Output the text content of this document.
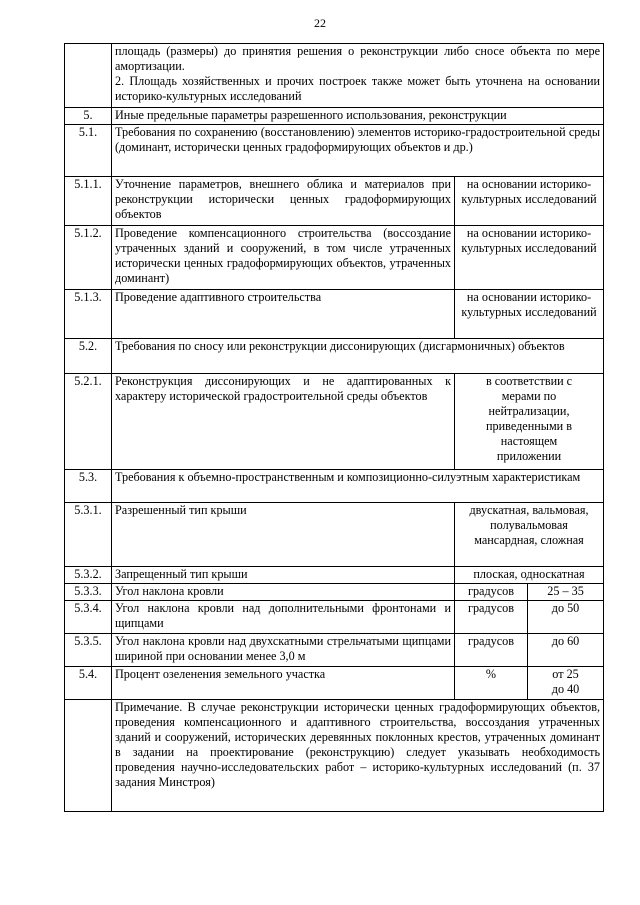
22

	площадь (размеры) до принятия решения о реконструкции либо сносе объекта по мере амортизации.
2. Площадь хозяйственных и прочих построек также может быть уточнена на основании историко-культурных исследований		

5.	Иные предельные параметры разрешенного использования, реконструкции		
5.1.	Требования по сохранению (восстановлению) элементов историко-градостроительной среды (доминант, исторически ценных градоформирующих объектов и др.)		
5.1.1.	Уточнение параметров, внешнего облика и материалов при реконструкции исторически ценных градоформирующих объектов	на основании историко-культурных исследований	
5.1.2.	Проведение компенсационного строительства (воссоздание утраченных зданий и сооружений, в том числе утраченных исторически ценных градоформирующих объектов, утраченных доминант)	на основании историко-культурных исследований	
5.1.3.	Проведение адаптивного строительства	на основании историко-культурных исследований	
5.2.	Требования по сносу или реконструкции диссонирующих (дисгармоничных) объектов		
5.2.1.	Реконструкция диссонирующих и не адаптированных к характеру исторической градостроительной среды объектов	в соответствии с мерами по нейтрализации, приведенными в настоящем приложении	
5.3.	Требования к объемно-пространственным и композиционно-силуэтным характеристикам		
5.3.1.	Разрешенный тип крыши	двускатная, вальмовая, полувальмовая мансардная, сложная	
5.3.2.	Запрещенный тип крыши	плоская, односкатная	
5.3.3.	Угол наклона кровли	градусов	25 – 35
5.3.4.	Угол наклона кровли над дополнительными фронтонами и щипцами	градусов	до 50
5.3.5.	Угол наклона кровли над двухскатными стрельчатыми щипцами шириной при основании менее 3,0 м	градусов	до 60
5.4.	Процент озеленения земельного участка	%	от 25 до 40
	Примечание. В случае реконструкции исторически ценных градоформирующих объектов, проведения компенсационного и адаптивного строительства, воссоздания утраченных зданий и сооружений, исторических деревянных поклонных крестов, утраченных доминант в задании на проектирование (реконструкцию) следует указывать необходимость проведения научно-исследовательских работ – историко-культурных исследований (п. 37 задания Минстроя)		
